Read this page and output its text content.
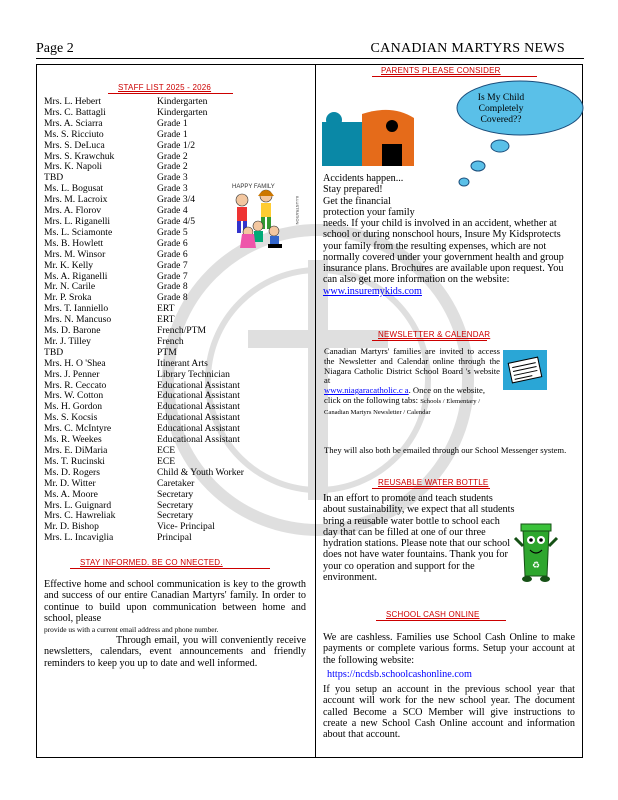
Page 2	CANADIAN MARTYRS NEWS
STAFF LIST 2025 - 2026
Mrs. L. Hebert	Kindergarten
Mrs. C. Battagli	Kindergarten
Mrs. A. Sciarra	Grade 1
Ms. S. Ricciuto	Grade 1
Mrs. S. DeLuca	Grade 1/2
Mrs. S. Krawchuk	Grade 2
Mrs. K. Napoli	Grade 2
TBD	Grade 3
Ms. L. Bogusat	Grade 3
Mrs. M. Lacroix	Grade 3/4
Mrs. A. Florov	Grade 4
Mrs. L. Riganelli	Grade 4/5
Ms. L. Sciamonte	Grade 5
Ms. B. Howlett	Grade 6
Mrs. M. Winsor	Grade 6
Mr. K. Kelly	Grade 7
Ms. A. Riganelli	Grade 7
Mr. N. Carile	Grade 8
Mr. P. Sroka	Grade 8
Mrs. T. Ianniello	ERT
Mrs. N. Mancuso	ERT
Ms. D. Barone	French/PTM
Mr. J. Tilley	French
TBD	PTM
Mrs. H. O 'Shea	Itinerant Arts
Mrs. J. Penner	Library Technician
Mrs. R. Ceccato	Educational Assistant
Mrs. W. Cotton	Educational Assistant
Ms. H. Gordon	Educational Assistant
Ms. S. Kocsis	Educational Assistant
Mrs. C. McIntyre	Educational Assistant
Ms. R. Weekes	Educational Assistant
Mrs. E. DiMaria	ECE
Ms. T. Rucinski	ECE
Ms. D. Rogers	Child & Youth Worker
Mr. D. Witter	Caretaker
Ms. A. Moore	Secretary
Mrs. L. Guignard	Secretary
Mrs. C. Hawreliak	Secretary
Mr. D. Bishop	Vice- Principal
Mrs. L. Incaviglia	Principal
HAPPY FAMILY
ILLUSTRATION
STAY INFORMED. BE CO NNECTED.
Effective home and school communication is key to the growth and success of our entire Canadian Martyrs' family. In order to continue to build upon communication between home and school, please
provide us with a current email address and phone number.
Through email, you will conveniently receive newsletters, calendars, event announcements and friendly reminders to keep you up to date and well informed.
PARENTS PLEASE CONSIDER
Is My Child Completely Covered??
Accidents happen...
Stay prepared!
Get the financial
protection your family
needs. If your child is involved in an accident, whether at school or during nonschool hours, Insure My Kidsprotects your family from the resulting expenses, which are not normally covered under your government health and group insurance plans. Brochures are available upon request. You can also get more information on the website:
www.insuremykids.com
NEWSLETTER & CALENDAR
Canadian Martyrs' families are invited to access the Newsletter and Calendar online through the Niagara Catholic District School Board 's website at
www.niagaracatholic.c a. Once on the website, click on the following tabs: Schools / Elementary / Canadian Martyrs Newsletter / Calendar
They will also both be emailed through our School Messenger system.
REUSABLE WATER BOTTLE
In an effort to promote and teach students about sustainability, we expect that all students bring a reusable water bottle to school each day that can be filled at one of our three hydration stations. Please note that our school does not have water fountains. Thank you for your co operation and support for the environment.
♻
SCHOOL CASH ONLINE
We are cashless. Families use School Cash Online to make payments or complete various forms. Setup your account at the following website:
https://ncdsb.schoolcashonline.com
If you setup an account in the previous school year that account will work for the new school year. The document called Become a SCO Member will give instructions to create a new School Cash Online account and information about that account.
